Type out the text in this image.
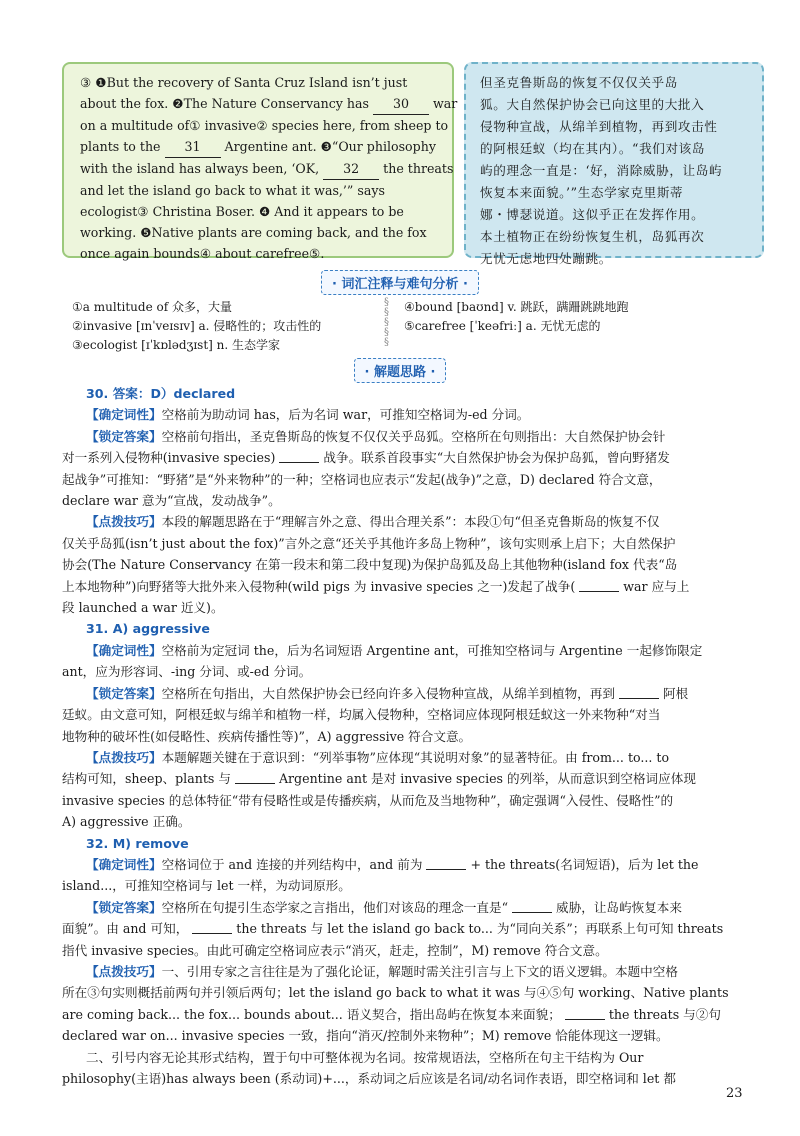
③ ❶But the recovery of Santa Cruz Island isn’t just
about the fox. ❷The Nature Conservancy has 30 war
on a multitude of① invasive② species here, from sheep to
plants to the 31 Argentine ant. ❸“Our philosophy
with the island has always been, ‘OK, 32 the threats
and let the island go back to what it was,’” says
ecologist③ Christina Boser. ❹ And it appears to be
working. ❺Native plants are coming back, and the fox
once again bounds④ about carefree⑤.
但圣克鲁斯岛的恢复不仅仅关乎岛
狐。大自然保护协会已向这里的大批入
侵物种宣战，从绵羊到植物，再到攻击性
的阿根廷蚁（均在其内）。“我们对该岛
屿的理念一直是：‘好，消除威胁，让岛屿
恢复本来面貌。’”生态学家克里斯蒂
娜・博瑟说道。这似乎正在发挥作用。
本土植物正在纷纷恢复生机，岛狐再次
无忧无虑地四处蹦跳。
· 词汇注释与难句分析 ·
①a multitude of 众多，大量
②invasive [ɪnˈveɪsɪv] a. 侵略性的；攻击性的
③ecologist [ɪˈkɒlədʒɪst] n. 生态学家
§
§
§
§
§
④bound [baʊnd] v. 跳跃，蹒跚跳跳地跑
⑤carefree [ˈkeəfriː] a. 无忧无虑的
· 解题思路 ·
30. 答案：D）declared
【确定词性】空格前为助动词 has，后为名词 war，可推知空格词为-ed 分词。
【锁定答案】空格前句指出，圣克鲁斯岛的恢复不仅仅关乎岛狐。空格所在句则指出：大自然保护协会针
对一系列入侵物种(invasive species)	战争。联系首段事实“大自然保护协会为保护岛狐，曾向野猪发
起战争”可推知：“野猪”是“外来物种”的一种；空格词也应表示“发起(战争)”之意，D) declared 符合文意，
declare war 意为“宣战，发动战争”。
【点拨技巧】本段的解题思路在于“理解言外之意、得出合理关系”：本段①句“但圣克鲁斯岛的恢复不仅
仅关乎岛狐(isn’t just about the fox)”言外之意“还关乎其他许多岛上物种”，该句实则承上启下；大自然保护
协会(The Nature Conservancy 在第一段末和第二段中复现)为保护岛狐及岛上其他物种(island fox 代表“岛
上本地物种”)向野猪等大批外来入侵物种(wild pigs 为 invasive species 之一)发起了战争(	war 应与上
段 launched a war 近义)。
31. A) aggressive
【确定词性】空格前为定冠词 the，后为名词短语 Argentine ant，可推知空格词与 Argentine 一起修饰限定
ant，应为形容词、-ing 分词、或-ed 分词。
【锁定答案】空格所在句指出，大自然保护协会已经向许多入侵物种宣战，从绵羊到植物，再到	阿根
廷蚁。由文意可知，阿根廷蚁与绵羊和植物一样，均属入侵物种，空格词应体现阿根廷蚁这一外来物种“对当
地物种的破坏性(如侵略性、疾病传播性等)”，A) aggressive 符合文意。
【点拨技巧】本题解题关键在于意识到：“列举事物”应体现“其说明对象”的显著特征。由 from... to... to
结构可知，sheep、plants 与	Argentine ant 是对 invasive species 的列举，从而意识到空格词应体现
invasive species 的总体特征“带有侵略性或是传播疾病，从而危及当地物种”，确定强调“入侵性、侵略性”的
A) aggressive 正确。
32. M) remove
【确定词性】空格词位于 and 连接的并列结构中，and 前为	+ the threats(名词短语)，后为 let the
island...，可推知空格词与 let 一样，为动词原形。
【锁定答案】空格所在句提引生态学家之言指出，他们对该岛的理念一直是“	威胁，让岛屿恢复本来
面貌”。由 and 可知，	the threats 与 let the island go back to... 为“同向关系”；再联系上句可知 threats
指代 invasive species。由此可确定空格词应表示“消灭，赶走，控制”，M) remove 符合文意。
【点拨技巧】一、引用专家之言往往是为了强化论证，解题时需关注引言与上下文的语义逻辑。本题中空格
所在③句实则概括前两句并引领后两句；let the island go back to what it was 与④⑤句 working、Native plants
are coming back... the fox... bounds about... 语义契合，指出岛屿在恢复本来面貌；	the threats 与②句
declared war on... invasive species 一致，指向“消灭/控制外来物种”；M) remove 恰能体现这一逻辑。
二、引号内容无论其形式结构，置于句中可整体视为名词。按常规语法，空格所在句主干结构为 Our
philosophy(主语)has always been (系动词)+...，系动词之后应该是名词/动名词作表语，即空格词和 let 都
23
